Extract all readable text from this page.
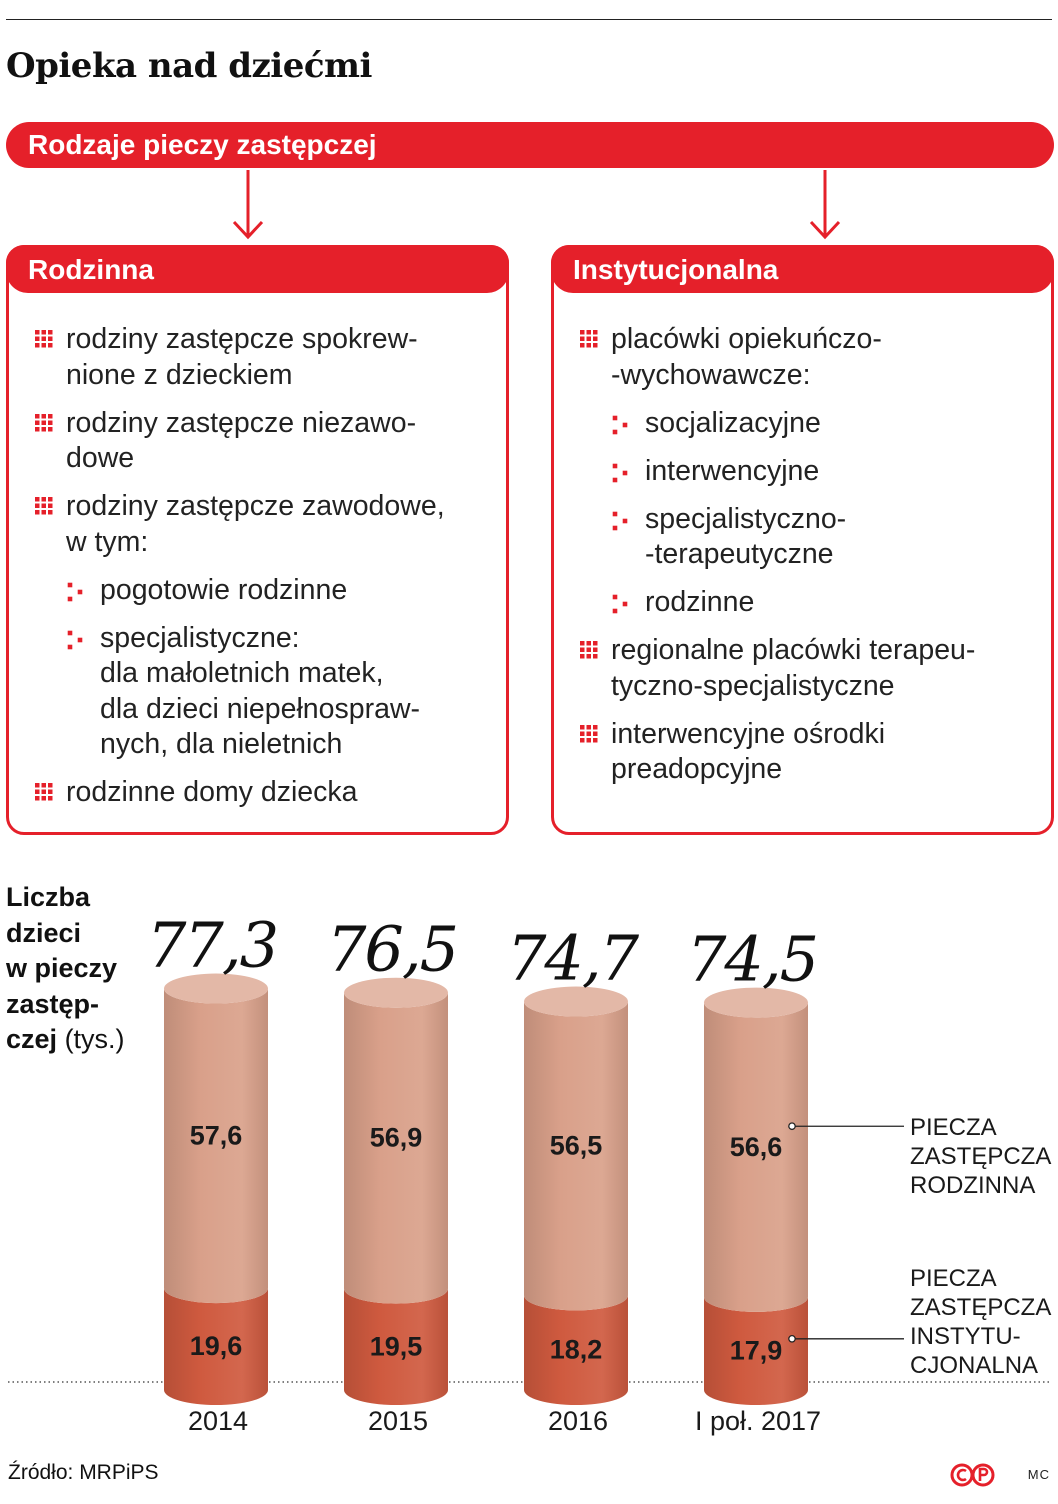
Opieka nad dziećmi
Rodzaje pieczy zastępczej
Rodzinna
rodziny zastępcze spokrew-
nione z dzieckiem
rodziny zastępcze niezawo-
dowe
rodziny zastępcze zawodowe,
w tym:
pogotowie rodzinne
specjalistyczne:
dla małoletnich matek,
dla dzieci niepełnospraw-
nych, dla nieletnich
rodzinne domy dziecka
Instytucjonalna
placówki opiekuńczo-
-wychowawcze:
socjalizacyjne
interwencyjne
specjalistyczno-
-terapeutyczne
rodzinne
regionalne placówki terapeu-
tyczno-specjalistyczne
interwencyjne ośrodki
preadopcyjne
Liczba
dzieci
w pieczy
zastęp-
czej (tys.)
19,6
57,6
77,3
2014
19,5
56,9
76,5
2015
18,2
56,5
74,7
2016
17,9
56,6
74,5
I poł. 2017
PIECZA ZASTĘPCZA RODZINNA
PIECZA ZASTĘPCZA INSTYTU-CJONALNA
Źródło: MRPiPS	MC
